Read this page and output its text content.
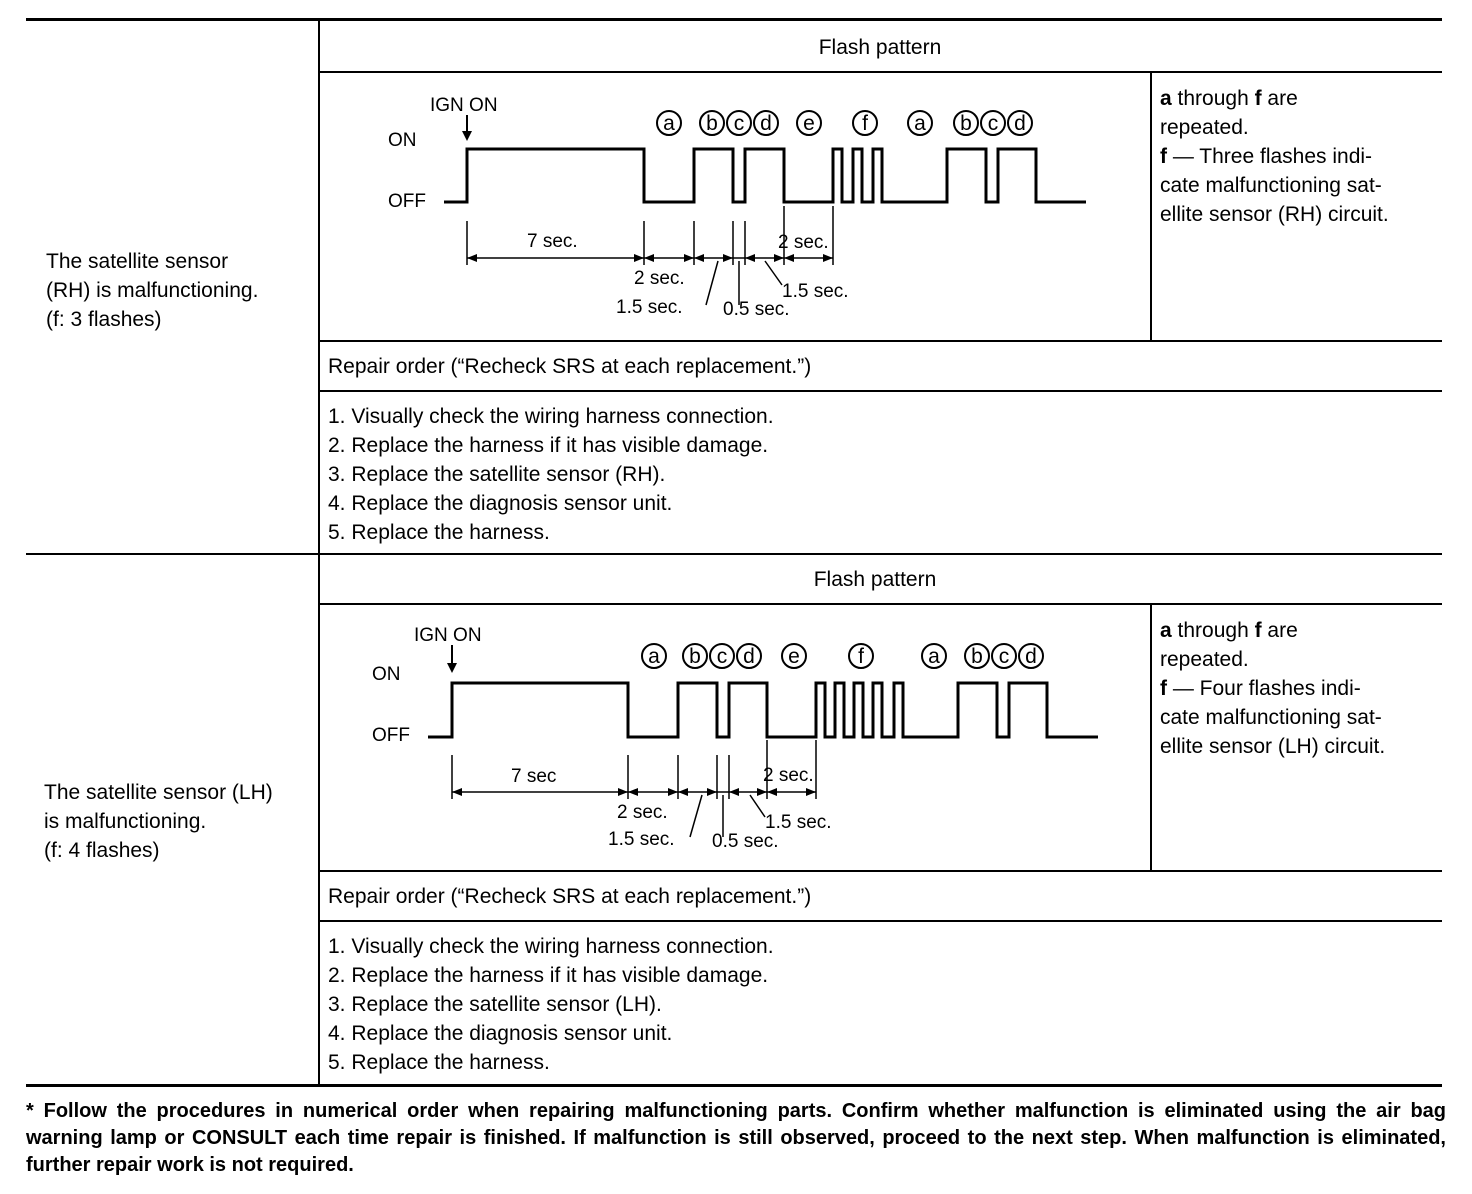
The satellite sensor
(RH) is malfunctioning.
(f: 3 flashes)
Flash pattern
IGN ON
ON
OFF
a b c d e f a b c d
7 sec.
2 sec.
1.5 sec. 0.5 sec.
1.5 sec.
2 sec.
a through f are
repeated.
f — Three flashes indi-
cate malfunctioning sat-
ellite sensor (RH) circuit.
Repair order (“Recheck SRS at each replacement.”)
1. Visually check the wiring harness connection.
2. Replace the harness if it has visible damage.
3. Replace the satellite sensor (RH).
4. Replace the diagnosis sensor unit.
5. Replace the harness.
The satellite sensor (LH)
is malfunctioning.
(f: 4 flashes)
Flash pattern
IGN ON
ON
OFF
a b c d e	f	a b c d
7 sec
2 sec.
1.5 sec. 0.5 sec.
1.5 sec.
2 sec.
a through f are
repeated.
f — Four flashes indi-
cate malfunctioning sat-
ellite sensor (LH) circuit.
Repair order (“Recheck SRS at each replacement.”)
1. Visually check the wiring harness connection.
2. Replace the harness if it has visible damage.
3. Replace the satellite sensor (LH).
4. Replace the diagnosis sensor unit.
5. Replace the harness.
* Follow the procedures in numerical order when repairing malfunctioning parts. Confirm whether malfunction is eliminated using the air bag warning lamp or CONSULT each time repair is finished. If malfunction is still observed, proceed to the next step. When malfunction is eliminated, further repair work is not required.
